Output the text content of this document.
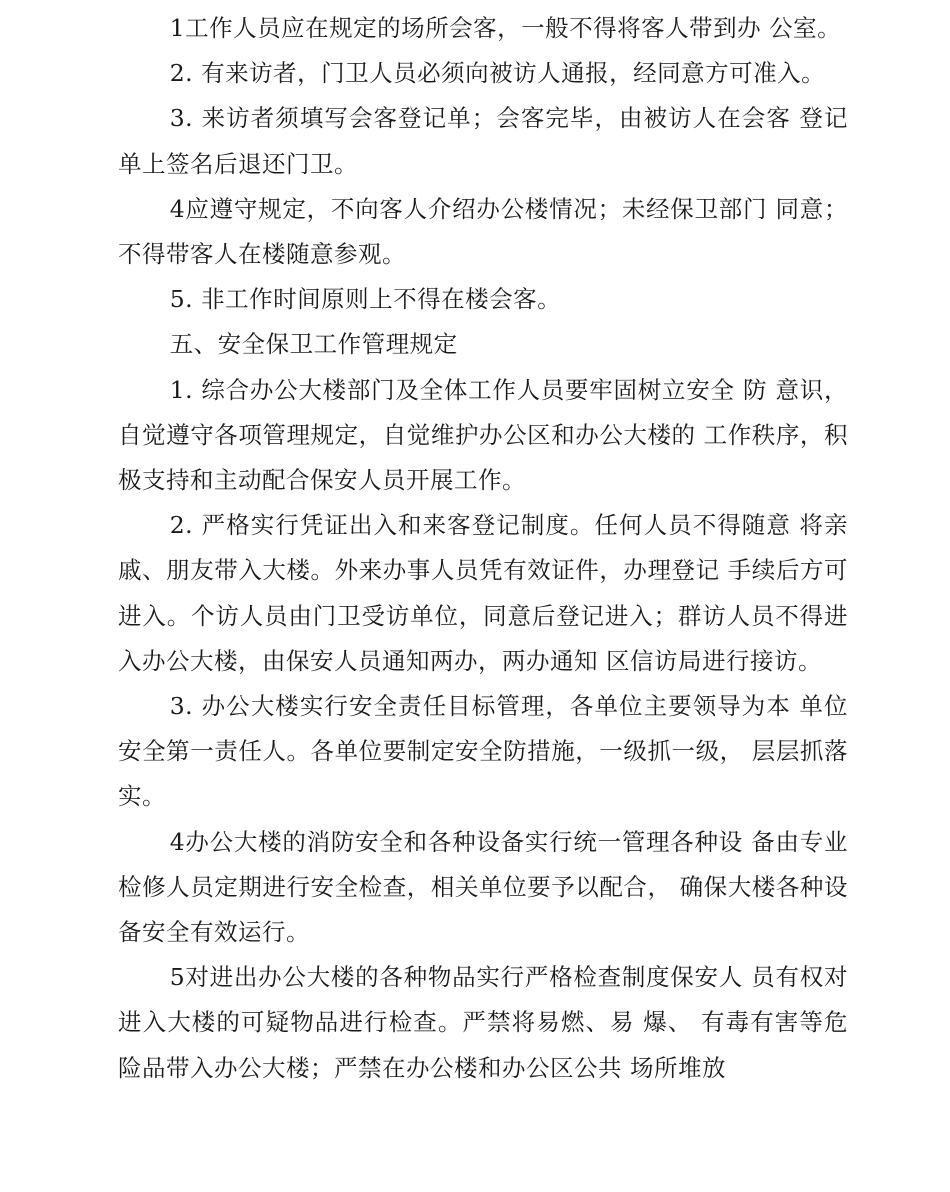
1工作人员应在规定的场所会客，一般不得将客人带到办 公室。

2. 有来访者，门卫人员必须向被访人通报，经同意方可准入。

3. 来访者须填写会客登记单；会客完毕，由被访人在会客 登记单上签名后退还门卫。

4应遵守规定，不向客人介绍办公楼情况；未经保卫部门 同意；不得带客人在楼随意参观。

5. 非工作时间原则上不得在楼会客。

五、安全保卫工作管理规定

1. 综合办公大楼部门及全体工作人员要牢固树立安全 防 意识，自觉遵守各项管理规定，自觉维护办公区和办公大楼的 工作秩序，积极支持和主动配合保安人员开展工作。

2. 严格实行凭证出入和来客登记制度。任何人员不得随意 将亲戚、朋友带入大楼。外来办事人员凭有效证件，办理登记 手续后方可进入。个访人员由门卫受访单位，同意后登记进入；群访人员不得进入办公大楼，由保安人员通知两办，两办通知 区信访局进行接访。

3. 办公大楼实行安全责任目标管理，各单位主要领导为本 单位安全第一责任人。各单位要制定安全防措施，一级抓一级， 层层抓落实。

4办公大楼的消防安全和各种设备实行统一管理各种设 备由专业检修人员定期进行安全检查，相关单位要予以配合， 确保大楼各种设备安全有效运行。

5对进出办公大楼的各种物品实行严格检查制度保安人 员有权对进入大楼的可疑物品进行检查。严禁将易燃、易 爆、 有毒有害等危险品带入办公大楼；严禁在办公楼和办公区公共 场所堆放
